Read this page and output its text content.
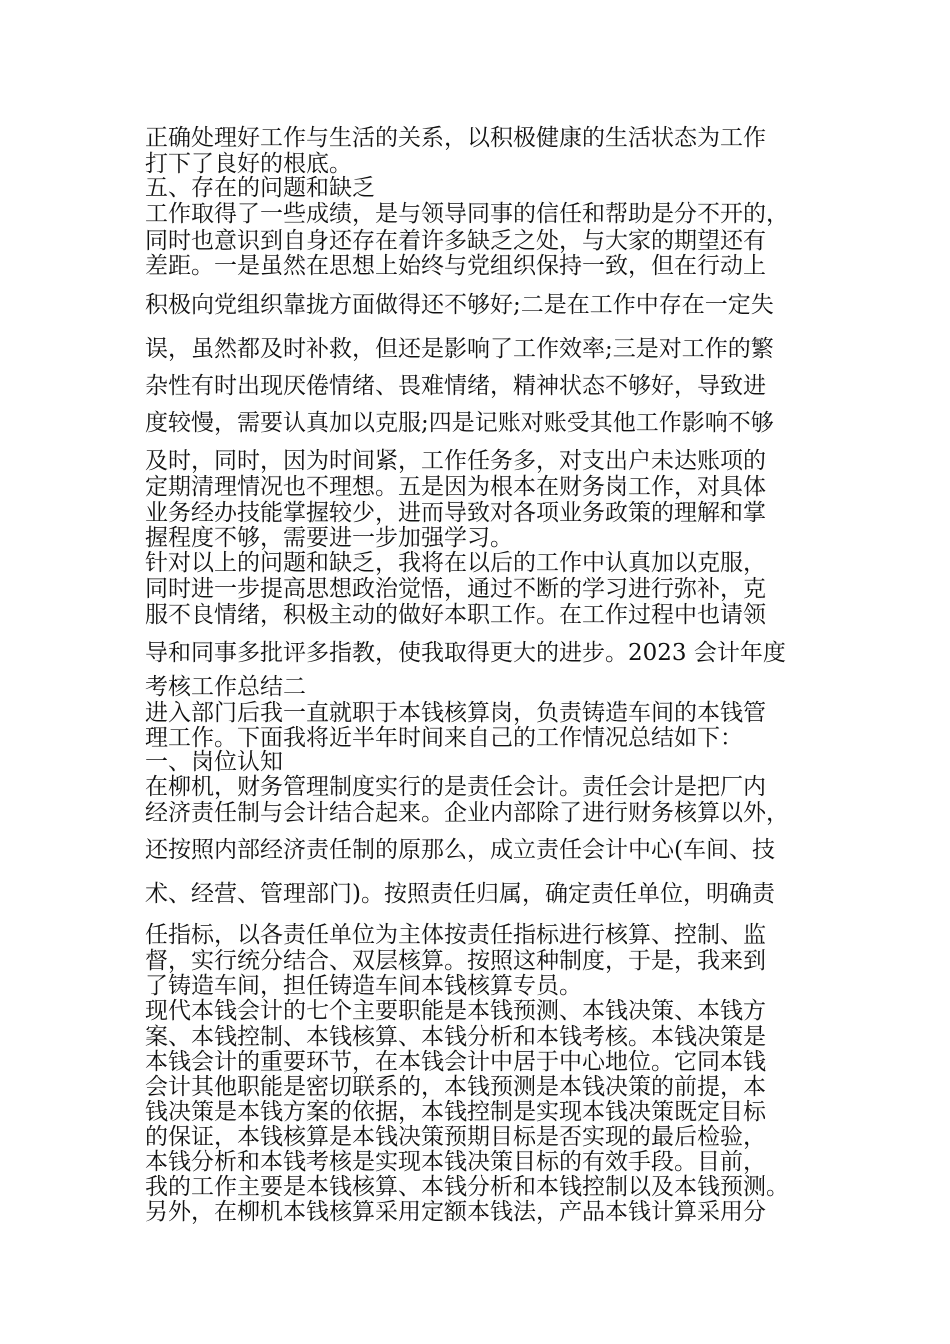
正确处理好工作与生活的关系，以积极健康的生活状态为工作

打下了良好的根底。

五、存在的问题和缺乏

工作取得了一些成绩，是与领导同事的信任和帮助是分不开的，

同时也意识到自身还存在着许多缺乏之处，与大家的期望还有

差距。一是虽然在思想上始终与党组织保持一致，但在行动上

积极向党组织靠拢方面做得还不够好;二是在工作中存在一定失

误，虽然都及时补救，但还是影响了工作效率;三是对工作的繁

杂性有时出现厌倦情绪、畏难情绪，精神状态不够好，导致进

度较慢，需要认真加以克服;四是记账对账受其他工作影响不够

及时，同时，因为时间紧，工作任务多，对支出户未达账项的

定期清理情况也不理想。五是因为根本在财务岗工作，对具体

业务经办技能掌握较少，进而导致对各项业务政策的理解和掌

握程度不够，需要进一步加强学习。

针对以上的问题和缺乏，我将在以后的工作中认真加以克服，

同时进一步提高思想政治觉悟，通过不断的学习进行弥补，克

服不良情绪，积极主动的做好本职工作。在工作过程中也请领

导和同事多批评多指教，使我取得更大的进步。2023 会计年度

考核工作总结二

进入部门后我一直就职于本钱核算岗，负责铸造车间的本钱管

理工作。下面我将近半年时间来自己的工作情况总结如下：

一、岗位认知

在柳机，财务管理制度实行的是责任会计。责任会计是把厂内

经济责任制与会计结合起来。企业内部除了进行财务核算以外，

还按照内部经济责任制的原那么，成立责任会计中心(车间、技

术、经营、管理部门)。按照责任归属，确定责任单位，明确责

任指标，以各责任单位为主体按责任指标进行核算、控制、监

督，实行统分结合、双层核算。按照这种制度，于是，我来到

了铸造车间，担任铸造车间本钱核算专员。

现代本钱会计的七个主要职能是本钱预测、本钱决策、本钱方

案、本钱控制、本钱核算、本钱分析和本钱考核。本钱决策是

本钱会计的重要环节，在本钱会计中居于中心地位。它同本钱

会计其他职能是密切联系的，本钱预测是本钱决策的前提，本

钱决策是本钱方案的依据，本钱控制是实现本钱决策既定目标

的保证，本钱核算是本钱决策预期目标是否实现的最后检验，

本钱分析和本钱考核是实现本钱决策目标的有效手段。目前，

我的工作主要是本钱核算、本钱分析和本钱控制以及本钱预测。

另外，在柳机本钱核算采用定额本钱法，产品本钱计算采用分
